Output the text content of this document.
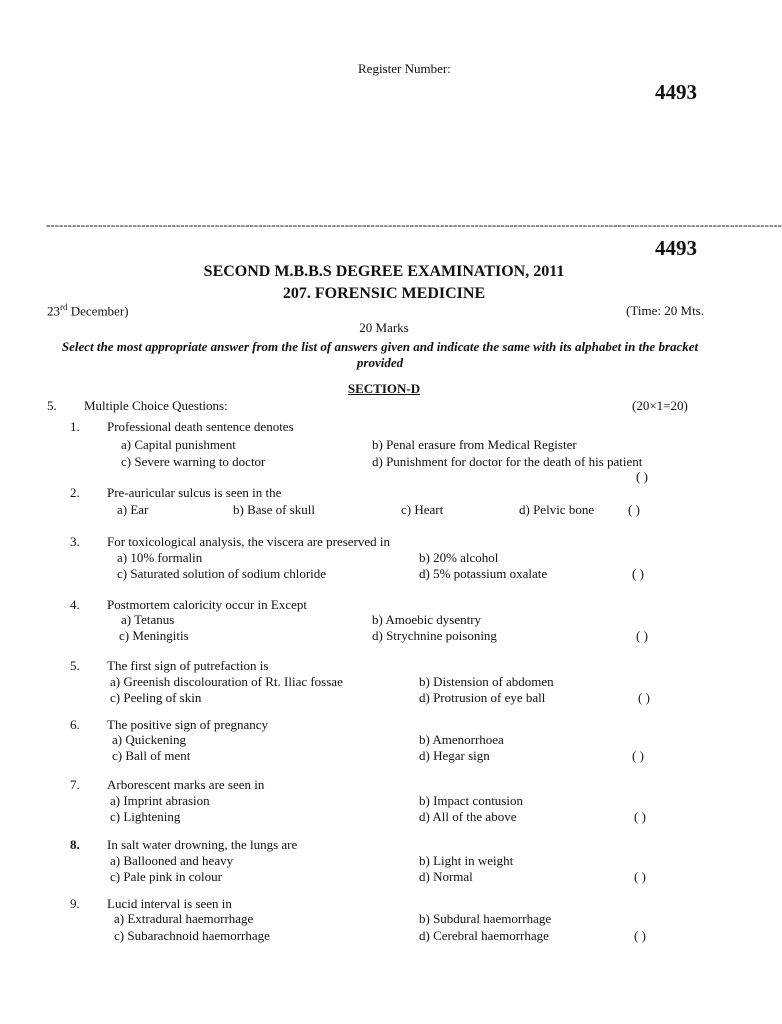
Register Number:
4493
--------------------------------------------------------------------------------------------------------------------------------------------------------------------------
4493
SECOND M.B.B.S DEGREE EXAMINATION, 2011
207. FORENSIC MEDICINE
23rd December)	(Time: 20 Mts.
20 Marks
Select the most appropriate answer from the list of answers given and indicate the same with its alphabet in the bracket provided
SECTION-D
5. Multiple Choice Questions:	(20×1=20)
1. Professional death sentence denotes
a) Capital punishment	b) Penal erasure from Medical Register
c) Severe warning to doctor	d) Punishment for doctor for the death of his patient
( )
2. Pre-auricular sulcus is seen in the
a) Ear	b) Base of skull	c) Heart	d) Pelvic bone	( )
3. For toxicological analysis, the viscera are preserved in
a) 10% formalin	b) 20% alcohol
c) Saturated solution of sodium chloride	d) 5% potassium oxalate	( )
4. Postmortem caloricity occur in Except
a) Tetanus	b) Amoebic dysentry
c) Meningitis	d) Strychnine poisoning	( )
5. The first sign of putrefaction is
a) Greenish discolouration of Rt. Iliac fossae	b) Distension of abdomen
c) Peeling of skin	d) Protrusion of eye ball	( )
6. The positive sign of pregnancy
a) Quickening	b) Amenorrhoea
c) Ball of ment	d) Hegar sign	( )
7. Arborescent marks are seen in
a) Imprint abrasion	b) Impact contusion
c) Lightening	d) All of the above	( )
8. In salt water drowning, the lungs are
a) Ballooned and heavy	b) Light in weight
c) Pale pink in colour	d) Normal	( )
9. Lucid interval is seen in
a) Extradural haemorrhage	b) Subdural haemorrhage
c) Subarachnoid haemorrhage	d) Cerebral haemorrhage	( )
